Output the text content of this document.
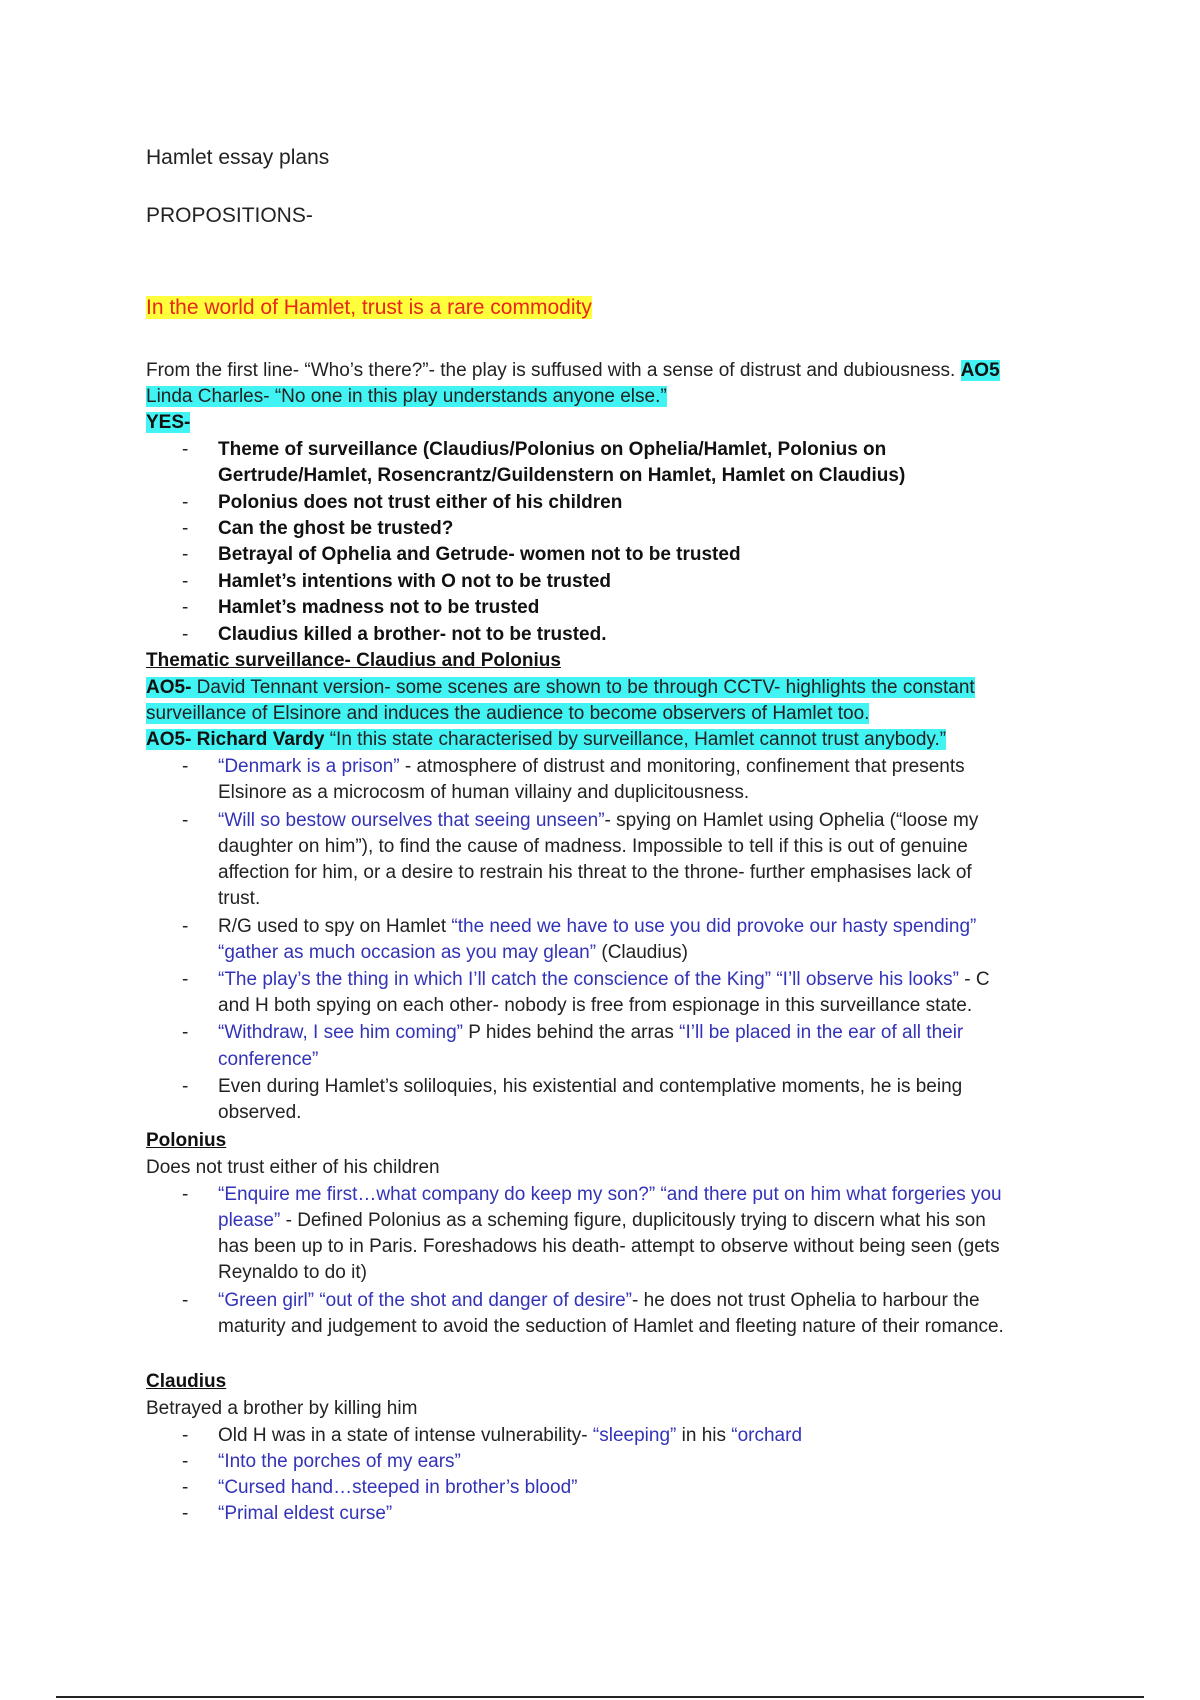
Hamlet essay plans
PROPOSITIONS-
In the world of Hamlet, trust is a rare commodity
From the first line- “Who’s there?”- the play is suffused with a sense of distrust and dubiousness. AO5
Linda Charles- “No one in this play understands anyone else.”
YES-
- Theme of surveillance (Claudius/Polonius on Ophelia/Hamlet, Polonius on
Gertrude/Hamlet, Rosencrantz/Guildenstern on Hamlet, Hamlet on Claudius)
- Polonius does not trust either of his children
- Can the ghost be trusted?
- Betrayal of Ophelia and Getrude- women not to be trusted
- Hamlet’s intentions with O not to be trusted
- Hamlet’s madness not to be trusted
- Claudius killed a brother- not to be trusted.
Thematic surveillance- Claudius and Polonius
AO5- David Tennant version- some scenes are shown to be through CCTV- highlights the constant
surveillance of Elsinore and induces the audience to become observers of Hamlet too.
AO5- Richard Vardy “In this state characterised by surveillance, Hamlet cannot trust anybody.”
- “Denmark is a prison” - atmosphere of distrust and monitoring, confinement that presents
Elsinore as a microcosm of human villainy and duplicitousness.
- “Will so bestow ourselves that seeing unseen”- spying on Hamlet using Ophelia (“loose my
daughter on him”), to find the cause of madness. Impossible to tell if this is out of genuine
affection for him, or a desire to restrain his threat to the throne- further emphasises lack of
trust.
- R/G used to spy on Hamlet “the need we have to use you did provoke our hasty spending”
“gather as much occasion as you may glean” (Claudius)
- “The play’s the thing in which I’ll catch the conscience of the King” “I’ll observe his looks” - C
and H both spying on each other- nobody is free from espionage in this surveillance state.
- “Withdraw, I see him coming” P hides behind the arras “I’ll be placed in the ear of all their
conference”
- Even during Hamlet’s soliloquies, his existential and contemplative moments, he is being
observed.
Polonius
Does not trust either of his children
- “Enquire me first…what company do keep my son?” “and there put on him what forgeries you
please” - Defined Polonius as a scheming figure, duplicitously trying to discern what his son
has been up to in Paris. Foreshadows his death- attempt to observe without being seen (gets
Reynaldo to do it)
- “Green girl” “out of the shot and danger of desire”- he does not trust Ophelia to harbour the
maturity and judgement to avoid the seduction of Hamlet and fleeting nature of their romance.
Claudius
Betrayed a brother by killing him
- Old H was in a state of intense vulnerability- “sleeping” in his “orchard
- “Into the porches of my ears”
- “Cursed hand…steeped in brother’s blood”
- “Primal eldest curse”
